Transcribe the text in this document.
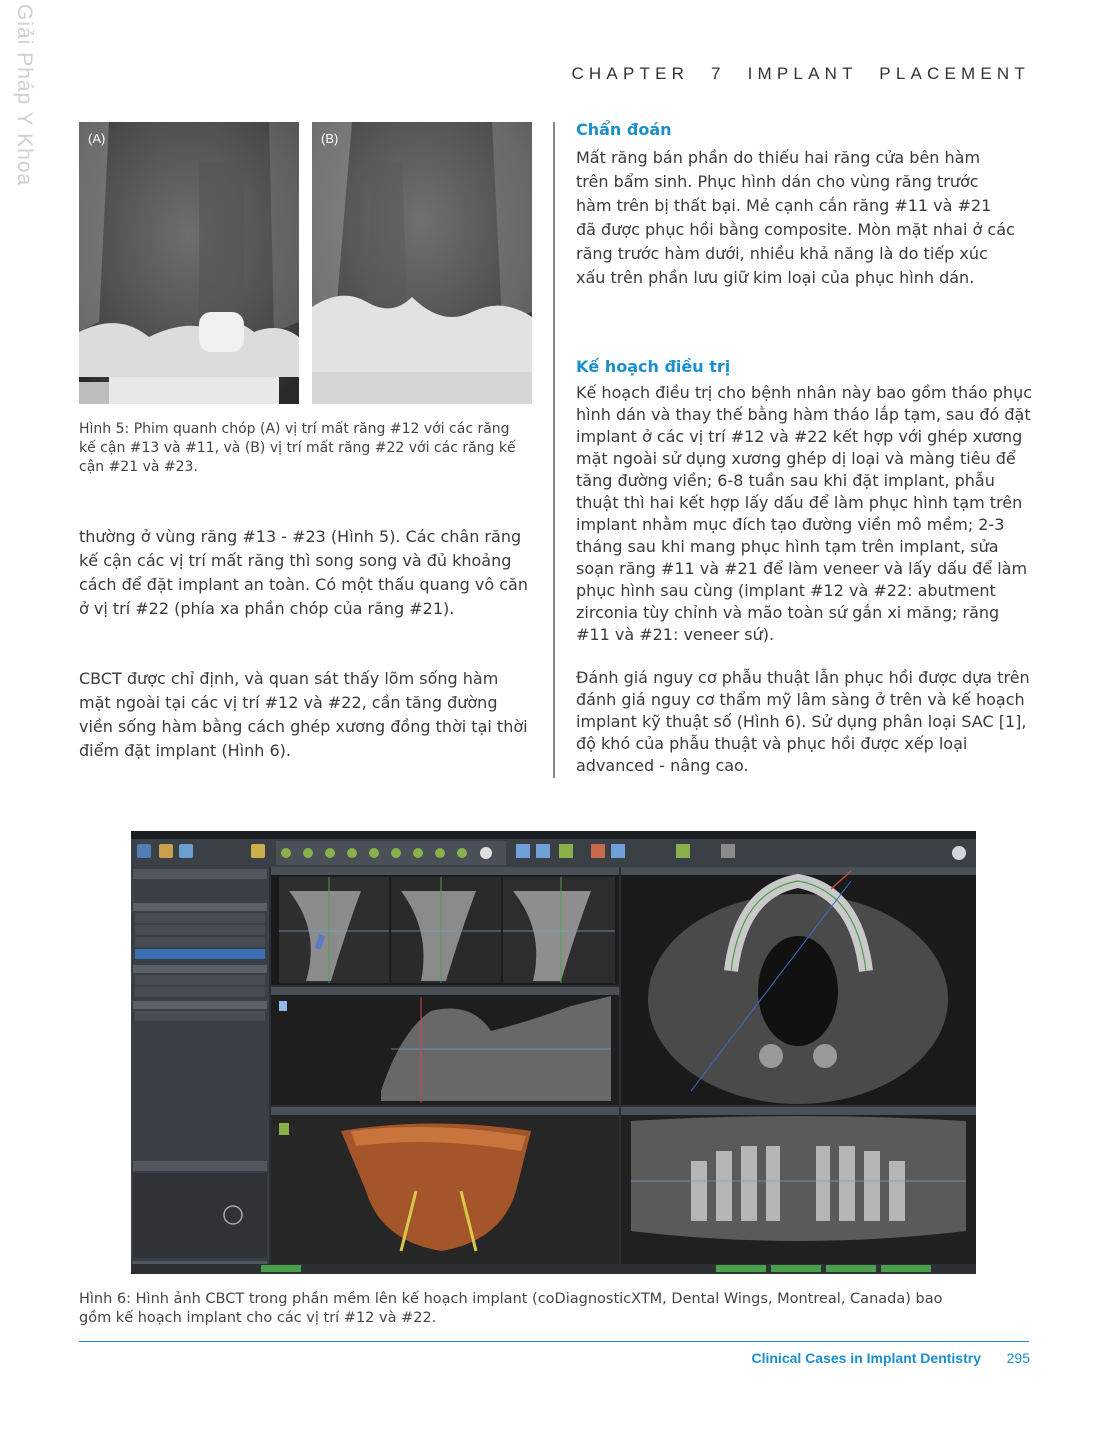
Giải Pháp Y Khoa	CHAPTER 7 IMPLANT PLACEMENT
(A)	(B)
Hình 5: Phim quanh chóp (A) vị trí mất răng #12 với các răng kế cận #13 và #11, và (B) vị trí mất răng #22 với các răng kế cận #21 và #23.
thường ở vùng răng #13 - #23 (Hình 5). Các chân răng kế cận các vị trí mất răng thì song song và đủ khoảng cách để đặt implant an toàn. Có một thấu quang vô căn ở vị trí #22 (phía xa phần chóp của răng #21).
CBCT được chỉ định, và quan sát thấy lõm sống hàm mặt ngoài tại các vị trí #12 và #22, cần tăng đường viền sống hàm bằng cách ghép xương đồng thời tại thời điểm đặt implant (Hình 6).
Chẩn đoán
Mất răng bán phần do thiếu hai răng cửa bên hàm trên bẩm sinh. Phục hình dán cho vùng răng trước hàm trên bị thất bại. Mẻ cạnh cắn răng #11 và #21 đã được phục hồi bằng composite. Mòn mặt nhai ở các răng trước hàm dưới, nhiều khả năng là do tiếp xúc xấu trên phần lưu giữ kim loại của phục hình dán.
Kế hoạch điều trị
Kế hoạch điều trị cho bệnh nhân này bao gồm tháo phục hình dán và thay thế bằng hàm tháo lắp tạm, sau đó đặt implant ở các vị trí #12 và #22 kết hợp với ghép xương mặt ngoài sử dụng xương ghép dị loại và màng tiêu để tăng đường viền; 6-8 tuần sau khi đặt implant, phẫu thuật thì hai kết hợp lấy dấu để làm phục hình tạm trên implant nhằm mục đích tạo đường viền mô mềm; 2-3 tháng sau khi mang phục hình tạm trên implant, sửa soạn răng #11 và #21 để làm veneer và lấy dấu để làm phục hình sau cùng (implant #12 và #22: abutment zirconia tùy chỉnh và mão toàn sứ gắn xi măng; răng #11 và #21: veneer sứ).
Đánh giá nguy cơ phẫu thuật lẫn phục hồi được dựa trên đánh giá nguy cơ thẩm mỹ lâm sàng ở trên và kế hoạch implant kỹ thuật số (Hình 6). Sử dụng phân loại SAC [1], độ khó của phẫu thuật và phục hồi được xếp loại advanced - nâng cao.
Hình 6: Hình ảnh CBCT trong phần mềm lên kế hoạch implant (coDiagnosticXTM, Dental Wings, Montreal, Canada) bao gồm kế hoạch implant cho các vị trí #12 và #22.
Clinical Cases in Implant Dentistry 295
